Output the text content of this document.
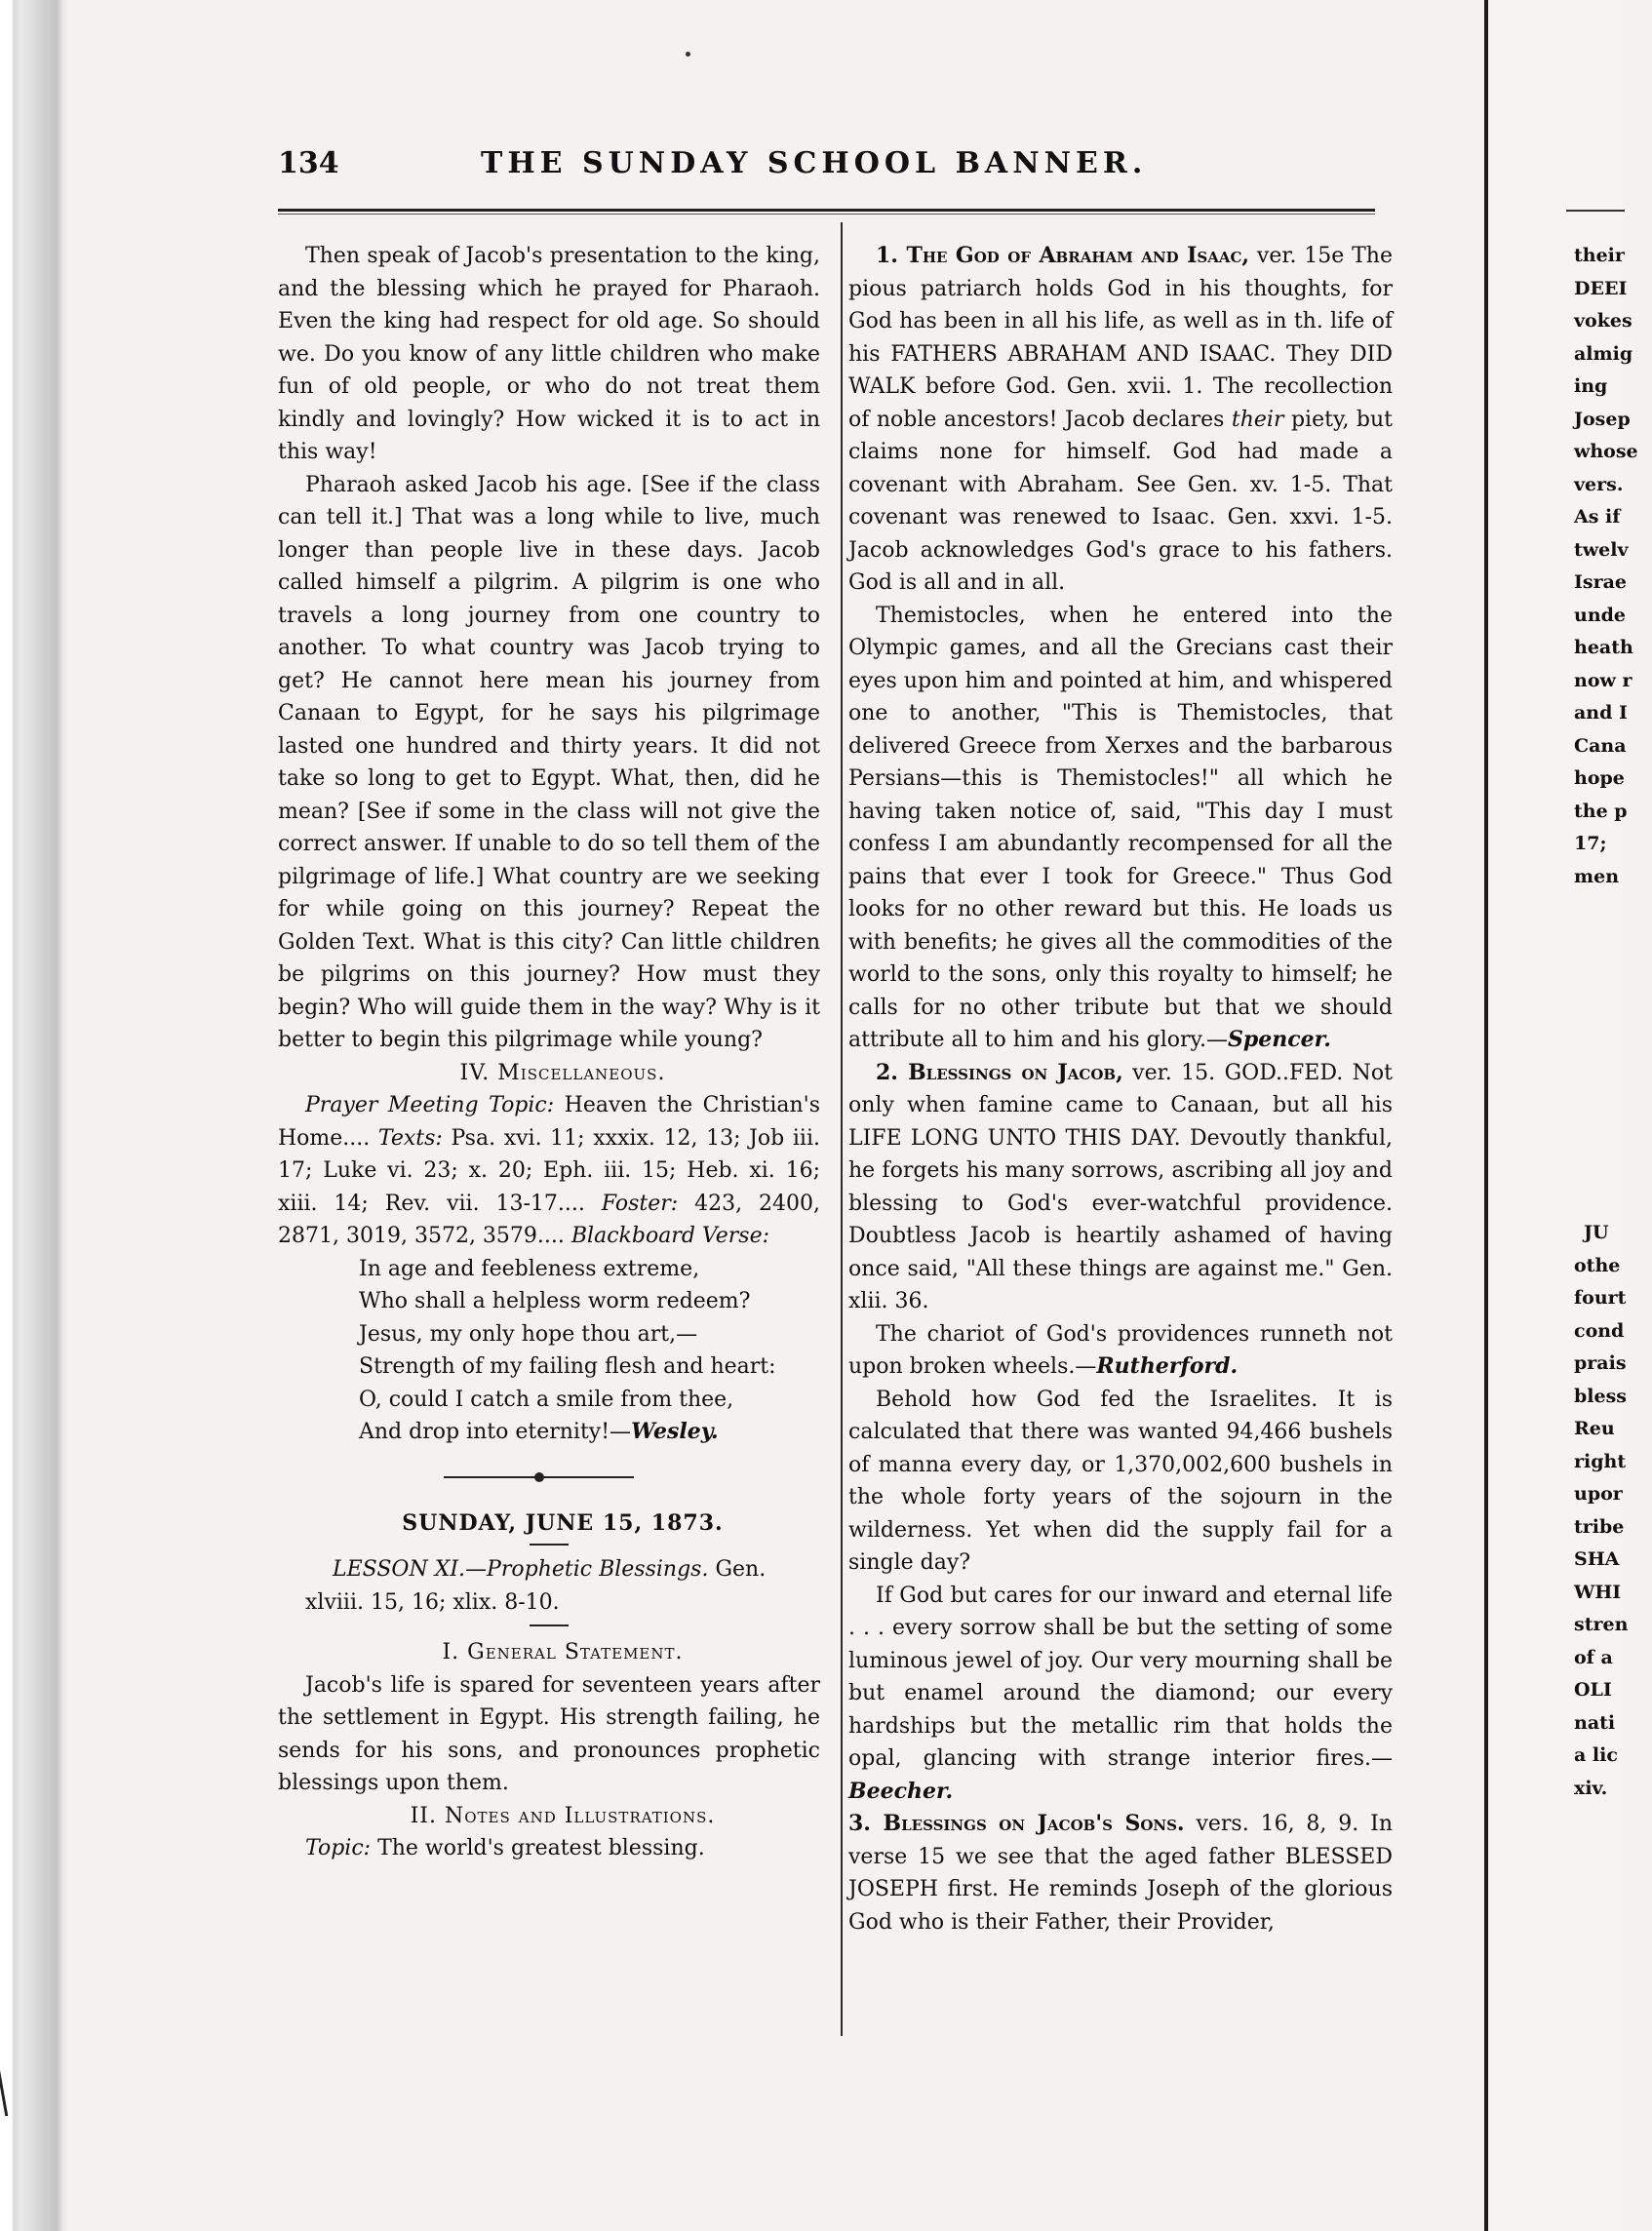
134	THE SUNDAY SCHOOL BANNER.

Then speak of Jacob's presentation to the king, and the blessing which he prayed for Pharaoh. Even the king had respect for old age. So should we. Do you know of any little children who make fun of old people, or who do not treat them kindly and lovingly? How wicked it is to act in this way!

Pharaoh asked Jacob his age. [See if the class can tell it.] That was a long while to live, much longer than people live in these days. Jacob called himself a pilgrim. A pilgrim is one who travels a long journey from one country to another. To what country was Jacob trying to get? He cannot here mean his journey from Canaan to Egypt, for he says his pilgrimage lasted one hundred and thirty years. It did not take so long to get to Egypt. What, then, did he mean? [See if some in the class will not give the correct answer. If unable to do so tell them of the pilgrimage of life.] What country are we seeking for while going on this journey? Repeat the Golden Text. What is this city? Can little children be pilgrims on this journey? How must they begin? Who will guide them in the way? Why is it better to begin this pilgrimage while young?

IV. Miscellaneous.

Prayer Meeting Topic: Heaven the Christian's Home.... Texts: Psa. xvi. 11; xxxix. 12, 13; Job iii. 17; Luke vi. 23; x. 20; Eph. iii. 15; Heb. xi. 16; xiii. 14; Rev. vii. 13-17.... Foster: 423, 2400, 2871, 3019, 3572, 3579.... Blackboard Verse:

In age and feebleness extreme,

Who shall a helpless worm redeem?

Jesus, my only hope thou art,—

Strength of my failing flesh and heart:

O, could I catch a smile from thee,

And drop into eternity!—Wesley.

SUNDAY, JUNE 15, 1873.

LESSON XI.—Prophetic Blessings. Gen. xlviii. 15, 16; xlix. 8-10.

I. General Statement.

Jacob's life is spared for seventeen years after the settlement in Egypt. His strength failing, he sends for his sons, and pronounces prophetic blessings upon them.

II. Notes and Illustrations.

Topic: The world's greatest blessing.

1. The God of Abraham and Isaac, ver. 15e The pious patriarch holds God in his thoughts, for God has been in all his life, as well as in th. life of his FATHERS ABRAHAM AND ISAAC. They DID WALK before God. Gen. xvii. 1. The recollection of noble ancestors! Jacob declares their piety, but claims none for himself. God had made a covenant with Abraham. See Gen. xv. 1-5. That covenant was renewed to Isaac. Gen. xxvi. 1-5. Jacob acknowledges God's grace to his fathers. God is all and in all.

Themistocles, when he entered into the Olympic games, and all the Grecians cast their eyes upon him and pointed at him, and whispered one to another, "This is Themistocles, that delivered Greece from Xerxes and the barbarous Persians—this is Themistocles!" all which he having taken notice of, said, "This day I must confess I am abundantly recompensed for all the pains that ever I took for Greece." Thus God looks for no other reward but this. He loads us with benefits; he gives all the commodities of the world to the sons, only this royalty to himself; he calls for no other tribute but that we should attribute all to him and his glory.—Spencer.

2. Blessings on Jacob, ver. 15. GOD..FED. Not only when famine came to Canaan, but all his LIFE LONG UNTO THIS DAY. Devoutly thankful, he forgets his many sorrows, ascribing all joy and blessing to God's ever-watchful providence. Doubtless Jacob is heartily ashamed of having once said, "All these things are against me." Gen. xlii. 36.

The chariot of God's providences runneth not upon broken wheels.—Rutherford.

Behold how God fed the Israelites. It is calculated that there was wanted 94,466 bushels of manna every day, or 1,370,002,600 bushels in the whole forty years of the sojourn in the wilderness. Yet when did the supply fail for a single day?

If God but cares for our inward and eternal life . . . every sorrow shall be but the setting of some luminous jewel of joy. Our very mourning shall be but enamel around the diamond; our every hardships but the metallic rim that holds the opal, glancing with strange interior fires.—Beecher.

3. Blessings on Jacob's Sons. vers. 16, 8, 9. In verse 15 we see that the aged father BLESSED JOSEPH first. He reminds Joseph of the glorious God who is their Father, their Provider,

their
DEEI
vokes
almig
ing
Josep
whose
vers.
As if
twelv
Israe
unde
heath
now r
and I
Cana
hope
the p
17;
men
JU
othe
fourt
cond
prais
bless
Reu
right
upor
tribe
SHA
WHI
stren
of a
OLI
nati
a lic
xiv.
